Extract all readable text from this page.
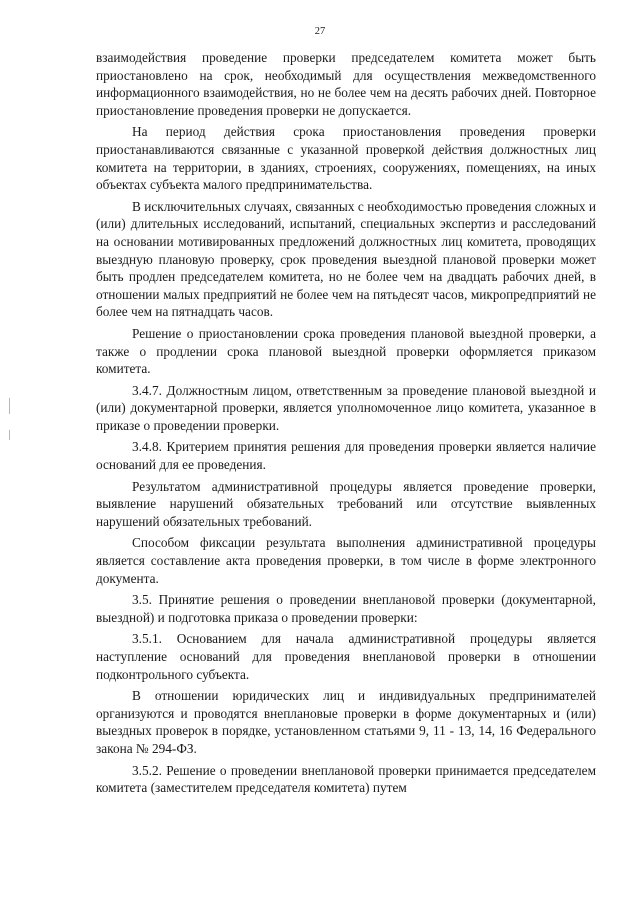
27

взаимодействия проведение проверки председателем комитета может быть приостановлено на срок, необходимый для осуществления межведомственного информационного взаимодействия, но не более чем на десять рабочих дней. Повторное приостановление проведения проверки не допускается.

На период действия срока приостановления проведения проверки приостанавливаются связанные с указанной проверкой действия должностных лиц комитета на территории, в зданиях, строениях, сооружениях, помещениях, на иных объектах субъекта малого предпринимательства.

В исключительных случаях, связанных с необходимостью проведения сложных и (или) длительных исследований, испытаний, специальных экспертиз и расследований на основании мотивированных предложений должностных лиц комитета, проводящих выездную плановую проверку, срок проведения выездной плановой проверки может быть продлен председателем комитета, но не более чем на двадцать рабочих дней, в отношении малых предприятий не более чем на пятьдесят часов, микропредприятий не более чем на пятнадцать часов.

Решение о приостановлении срока проведения плановой выездной проверки, а также о продлении срока плановой выездной проверки оформляется приказом комитета.

3.4.7. Должностным лицом, ответственным за проведение плановой выездной и (или) документарной проверки, является уполномоченное лицо комитета, указанное в приказе о проведении проверки.

3.4.8. Критерием принятия решения для проведения проверки является наличие оснований для ее проведения.

Результатом административной процедуры является проведение проверки, выявление нарушений обязательных требований или отсутствие выявленных нарушений обязательных требований.

Способом фиксации результата выполнения административной процедуры является составление акта проведения проверки, в том числе в форме электронного документа.

3.5. Принятие решения о проведении внеплановой проверки (документарной, выездной) и подготовка приказа о проведении проверки:

3.5.1. Основанием для начала административной процедуры является наступление оснований для проведения внеплановой проверки в отношении подконтрольного субъекта.

В отношении юридических лиц и индивидуальных предпринимателей организуются и проводятся внеплановые проверки в форме документарных и (или) выездных проверок в порядке, установленном статьями 9, 11 - 13, 14, 16 Федерального закона № 294-ФЗ.

3.5.2. Решение о проведении внеплановой проверки принимается председателем комитета (заместителем председателя комитета) путем
